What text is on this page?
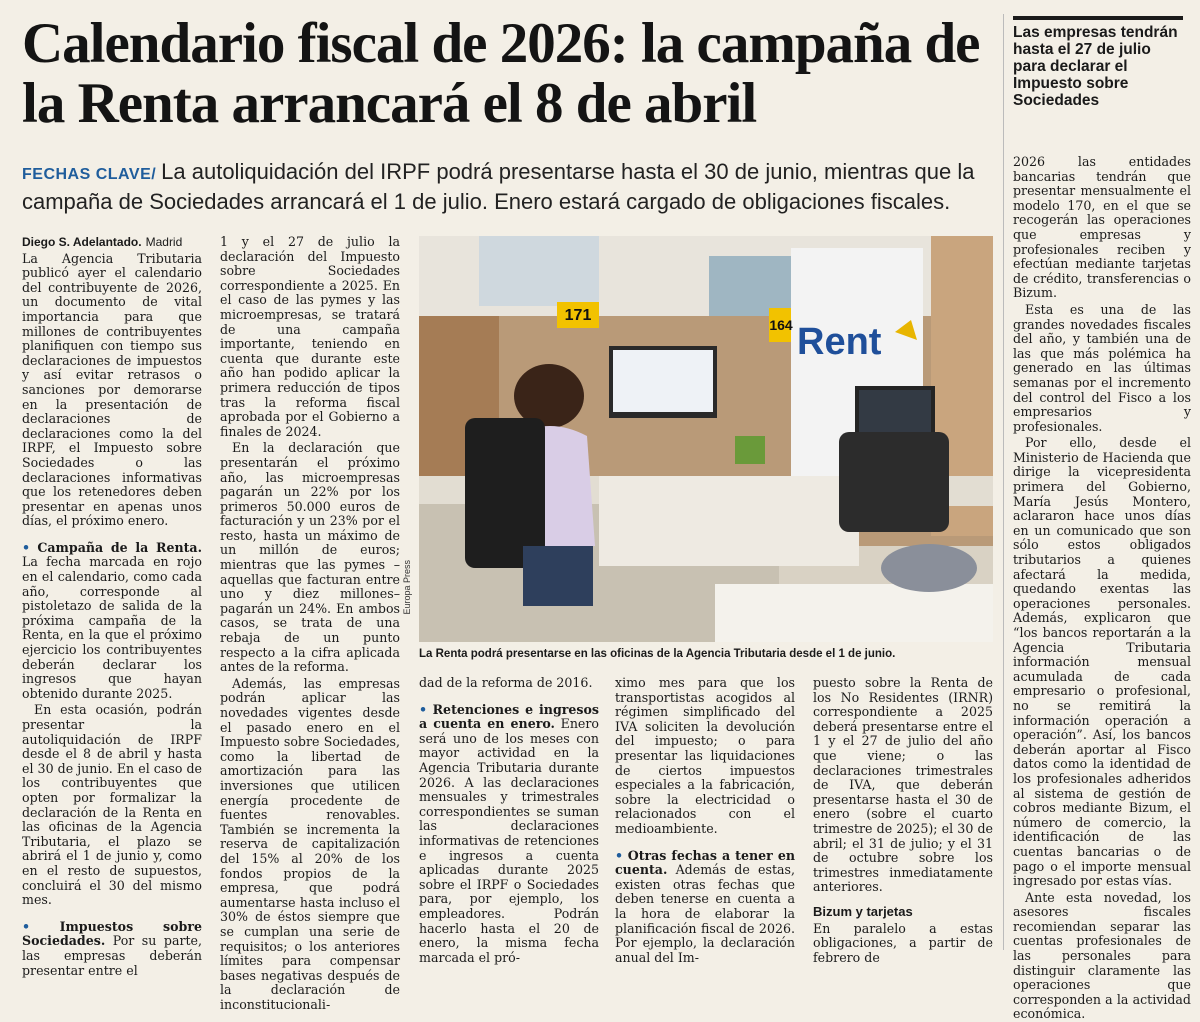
Calendario fiscal de 2026: la campaña de la Renta arrancará el 8 de abril
Las empresas tendrán hasta el 27 de julio para declarar el Impuesto sobre Sociedades
FECHAS CLAVE/ La autoliquidación del IRPF podrá presentarse hasta el 30 de junio, mientras que la campaña de Sociedades arrancará el 1 de julio. Enero estará cargado de obligaciones fiscales.

Diego S. Adelantado. Madrid

La Agencia Tributaria publicó ayer el calendario del contribuyente de 2026, un documento de vital importancia para que millones de contribuyentes planifiquen con tiempo sus declaraciones de impuestos y así evitar retrasos o sanciones por demorarse en la presentación de declaraciones de declaraciones como la del IRPF, el Impuesto sobre Sociedades o las declaraciones informativas que los retenedores deben presentar en apenas unos días, el próximo enero.

• Campaña de la Renta. La fecha marcada en rojo en el calendario, como cada año, corresponde al pistoletazo de salida de la próxima campaña de la Renta, en la que el próximo ejercicio los contribuyentes deberán declarar los ingresos que hayan obtenido durante 2025.

En esta ocasión, podrán presentar la autoliquidación de IRPF desde el 8 de abril y hasta el 30 de junio. En el caso de los contribuyentes que opten por formalizar la declaración de la Renta en las oficinas de la Agencia Tributaria, el plazo se abrirá el 1 de junio y, como en el resto de supuestos, concluirá el 30 del mismo mes.

• Impuestos sobre Sociedades. Por su parte, las empresas deberán presentar entre el

1 y el 27 de julio la declaración del Impuesto sobre Sociedades correspondiente a 2025. En el caso de las pymes y las microempresas, se tratará de una campaña importante, teniendo en cuenta que durante este año han podido aplicar la primera reducción de tipos tras la reforma fiscal aprobada por el Gobierno a finales de 2024.

En la declaración que presentarán el próximo año, las microempresas pagarán un 22% por los primeros 50.000 euros de facturación y un 23% por el resto, hasta un máximo de un millón de euros; mientras que las pymes –aquellas que facturan entre uno y diez millones– pagarán un 24%. En ambos casos, se trata de una rebaja de un punto respecto a la cifra aplicada antes de la reforma.

Además, las empresas podrán aplicar las novedades vigentes desde el pasado enero en el Impuesto sobre Sociedades, como la libertad de amortización para las inversiones que utilicen energía procedente de fuentes renovables. También se incrementa la reserva de capitalización del 15% al 20% de los fondos propios de la empresa, que podrá aumentarse hasta incluso el 30% de éstos siempre que se cumplan una serie de requisitos; o los anteriores límites para compensar bases negativas después de la declaración de inconstitucionali-

171
164 Rent
Europa Press
La Renta podrá presentarse en las oficinas de la Agencia Tributaria desde el 1 de junio.

dad de la reforma de 2016.

• Retenciones e ingresos a cuenta en enero. Enero será uno de los meses con mayor actividad en la Agencia Tributaria durante 2026. A las declaraciones mensuales y trimestrales correspondientes se suman las declaraciones informativas de retenciones e ingresos a cuenta aplicadas durante 2025 sobre el IRPF o Sociedades para, por ejemplo, los empleadores. Podrán hacerlo hasta el 20 de enero, la misma fecha marcada el pró-

ximo mes para que los transportistas acogidos al régimen simplificado del IVA soliciten la devolución del impuesto; o para presentar las liquidaciones de ciertos impuestos especiales a la fabricación, sobre la electricidad o relacionados con el medioambiente.

• Otras fechas a tener en cuenta. Además de estas, existen otras fechas que deben tenerse en cuenta a la hora de elaborar la planificación fiscal de 2026. Por ejemplo, la declaración anual del Im-

puesto sobre la Renta de los No Residentes (IRNR) correspondiente a 2025 deberá presentarse entre el 1 y el 27 de julio del año que viene; o las declaraciones trimestrales de IVA, que deberán presentarse hasta el 30 de enero (sobre el cuarto trimestre de 2025); el 30 de abril; el 31 de julio; y el 31 de octubre sobre los trimestres inmediatamente anteriores.

Bizum y tarjetas

En paralelo a estas obligaciones, a partir de febrero de

2026 las entidades bancarias tendrán que presentar mensualmente el modelo 170, en el que se recogerán las operaciones que empresas y profesionales reciben y efectúan mediante tarjetas de crédito, transferencias o Bizum.

Esta es una de las grandes novedades fiscales del año, y también una de las que más polémica ha generado en las últimas semanas por el incremento del control del Fisco a los empresarios y profesionales.

Por ello, desde el Ministerio de Hacienda que dirige la vicepresidenta primera del Gobierno, María Jesús Montero, aclararon hace unos días en un comunicado que son sólo estos obligados tributarios a quienes afectará la medida, quedando exentas las operaciones personales. Además, explicaron que “los bancos reportarán a la Agencia Tributaria información mensual acumulada de cada empresario o profesional, no se remitirá la información operación a operación”. Así, los bancos deberán aportar al Fisco datos como la identidad de los profesionales adheridos al sistema de gestión de cobros mediante Bizum, el número de comercio, la identificación de las cuentas bancarias o de pago o el importe mensual ingresado por estas vías.

Ante esta novedad, los asesores fiscales recomiendan separar las cuentas profesionales de las personales para distinguir claramente las operaciones que corresponden a la actividad económica.
